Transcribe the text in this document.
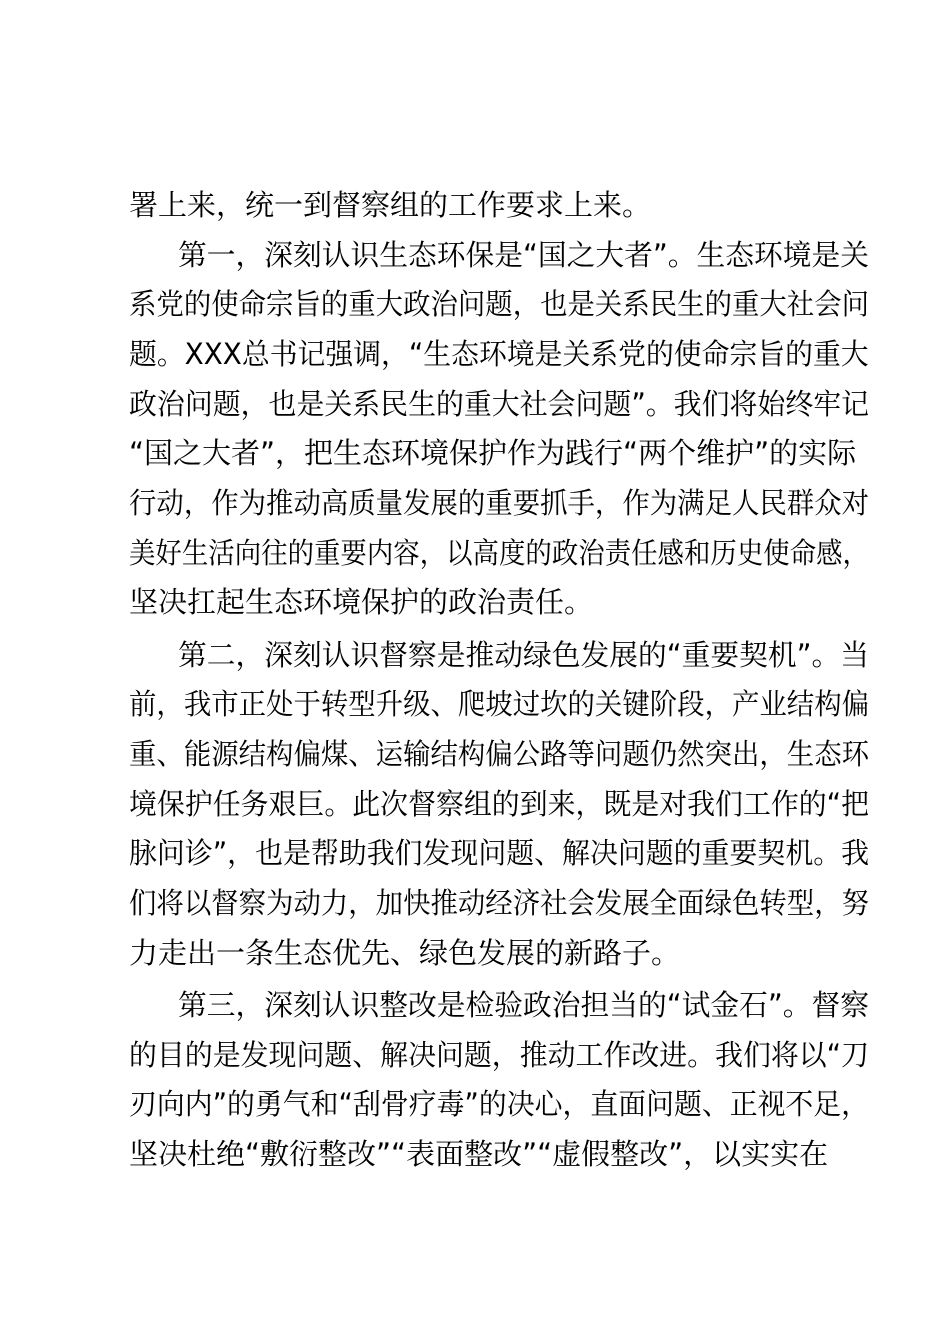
署上来，统一到督察组的工作要求上来。
第一，深刻认识生态环保是“国之大者”。生态环境是关
系党的使命宗旨的重大政治问题，也是关系民生的重大社会问
题。XXX总书记强调，“生态环境是关系党的使命宗旨的重大
政治问题，也是关系民生的重大社会问题”。我们将始终牢记
“国之大者”，把生态环境保护作为践行“两个维护”的实际
行动，作为推动高质量发展的重要抓手，作为满足人民群众对
美好生活向往的重要内容，以高度的政治责任感和历史使命感，
坚决扛起生态环境保护的政治责任。
第二，深刻认识督察是推动绿色发展的“重要契机”。当
前，我市正处于转型升级、爬坡过坎的关键阶段，产业结构偏
重、能源结构偏煤、运输结构偏公路等问题仍然突出，生态环
境保护任务艰巨。此次督察组的到来，既是对我们工作的“把
脉问诊”，也是帮助我们发现问题、解决问题的重要契机。我
们将以督察为动力，加快推动经济社会发展全面绿色转型，努
力走出一条生态优先、绿色发展的新路子。
第三，深刻认识整改是检验政治担当的“试金石”。督察
的目的是发现问题、解决问题，推动工作改进。我们将以“刀
刃向内”的勇气和“刮骨疗毒”的决心，直面问题、正视不足，
坚决杜绝“敷衍整改”“表面整改”“虚假整改”，以实实在
